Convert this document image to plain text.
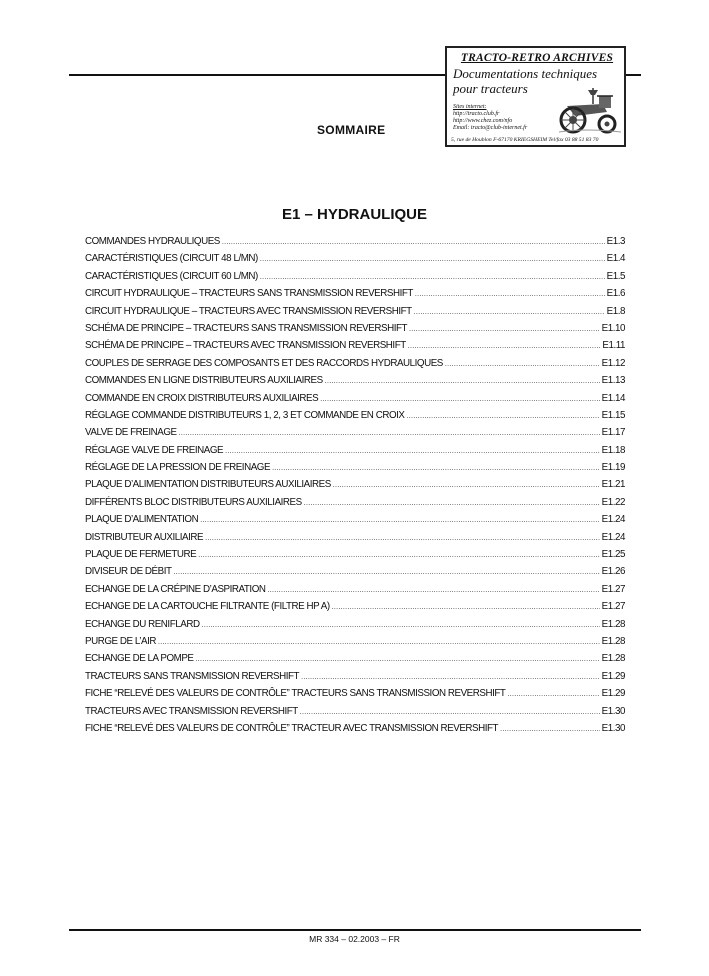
TRACTO-RETRO ARCHIVES
Documentations techniques
pour tracteurs
Sites internet:
http://tracto.club.fr
http://www.chez.com/nfo
Email: tracto@club-internet.fr
5, rue de Houblon F-67170 KRIEGSHEIM Tel/fax 03 88 51 83 70
SOMMAIRE
E1 – HYDRAULIQUE
COMMANDES HYDRAULIQUES .....	E1.3
CARACTÉRISTIQUES (CIRCUIT 48 L/MN) .....	E1.4
CARACTÉRISTIQUES (CIRCUIT 60 L/MN) .....	E1.5
CIRCUIT HYDRAULIQUE – TRACTEURS SANS TRANSMISSION REVERSHIFT .....	E1.6
CIRCUIT HYDRAULIQUE – TRACTEURS AVEC TRANSMISSION REVERSHIFT .....	E1.8
SCHÉMA DE PRINCIPE – TRACTEURS SANS TRANSMISSION REVERSHIFT .....	E1.10
SCHÉMA DE PRINCIPE – TRACTEURS AVEC TRANSMISSION REVERSHIFT .....	E1.11
COUPLES DE SERRAGE DES COMPOSANTS ET DES RACCORDS HYDRAULIQUES .....	E1.12
COMMANDES EN LIGNE DISTRIBUTEURS AUXILIAIRES .....	E1.13
COMMANDE EN CROIX DISTRIBUTEURS AUXILIAIRES .....	E1.14
RÉGLAGE COMMANDE DISTRIBUTEURS 1, 2, 3 ET COMMANDE EN CROIX .....	E1.15
VALVE DE FREINAGE .....	E1.17
RÉGLAGE VALVE DE FREINAGE .....	E1.18
RÉGLAGE DE LA PRESSION DE FREINAGE .....	E1.19
PLAQUE D’ALIMENTATION DISTRIBUTEURS AUXILIAIRES .....	E1.21
DIFFÉRENTS BLOC DISTRIBUTEURS AUXILIAIRES .....	E1.22
PLAQUE D’ALIMENTATION .....	E1.24
DISTRIBUTEUR AUXILIAIRE .....	E1.24
PLAQUE DE FERMETURE .....	E1.25
DIVISEUR DE DÉBIT .....	E1.26
ECHANGE DE LA CRÉPINE D’ASPIRATION .....	E1.27
ECHANGE DE LA CARTOUCHE FILTRANTE (FILTRE HP A) .....	E1.27
ECHANGE DU RENIFLARD .....	E1.28
PURGE DE L’AIR .....	E1.28
ECHANGE DE LA POMPE .....	E1.28
TRACTEURS SANS TRANSMISSION REVERSHIFT .....	E1.29
FICHE “RELEVÉ DES VALEURS DE CONTRÔLE” TRACTEURS SANS TRANSMISSION REVERSHIFT .....	E1.29
TRACTEURS AVEC TRANSMISSION REVERSHIFT .....	E1.30
FICHE “RELEVÉ DES VALEURS DE CONTRÔLE” TRACTEUR AVEC TRANSMISSION REVERSHIFT .....	E1.30
MR 334 – 02.2003 – FR
